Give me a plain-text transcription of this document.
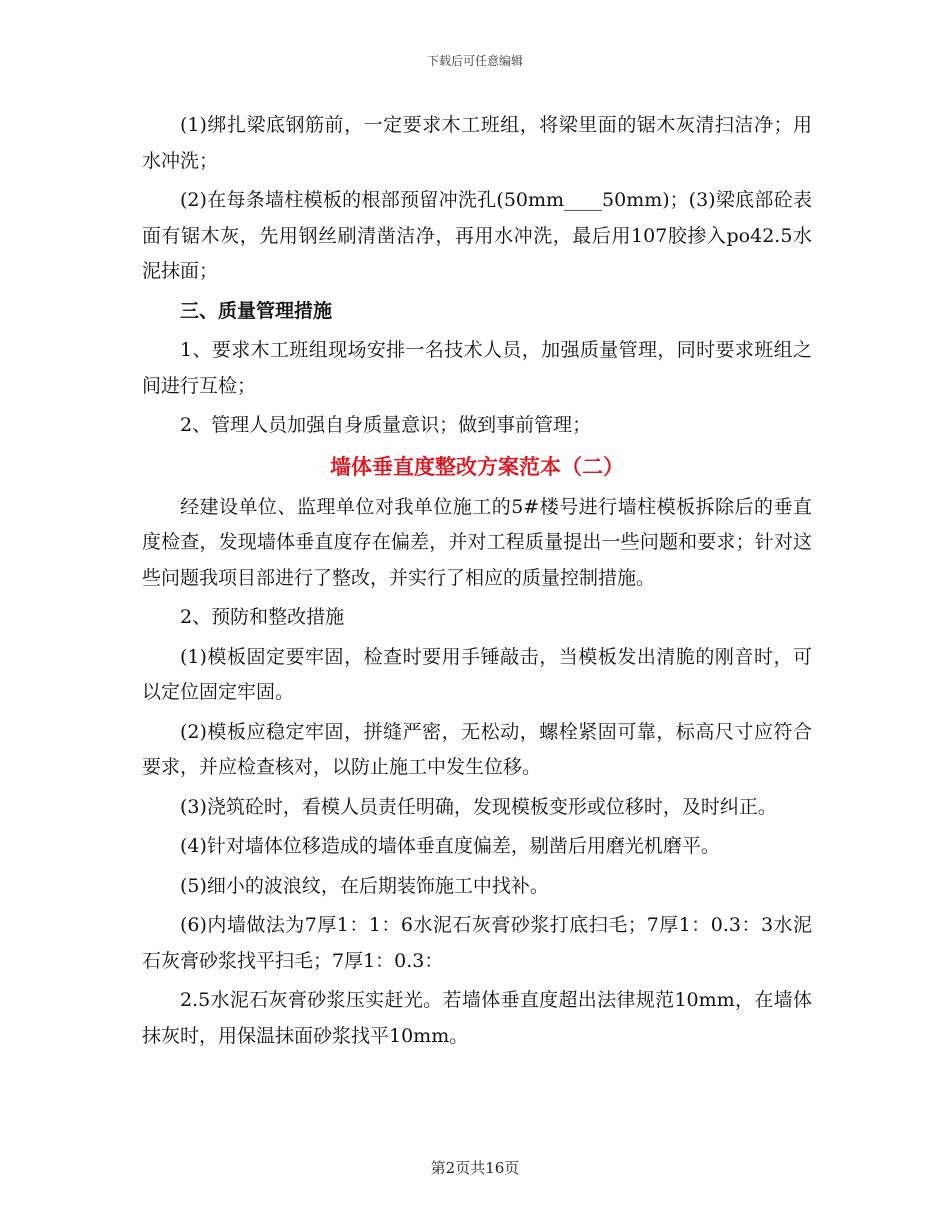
下载后可任意编辑

(1)绑扎梁底钢筋前，一定要求木工班组，将梁里面的锯木灰清扫洁净；用水冲洗；

(2)在每条墙柱模板的根部预留冲洗孔(50mm____50mm)；(3)梁底部砼表面有锯木灰，先用钢丝刷清凿洁净，再用水冲洗，最后用107胶掺入po42.5水泥抹面；

三、质量管理措施

1、要求木工班组现场安排一名技术人员，加强质量管理，同时要求班组之间进行互检；

2、管理人员加强自身质量意识；做到事前管理；

墙体垂直度整改方案范本（二）

经建设单位、监理单位对我单位施工的5#楼号进行墙柱模板拆除后的垂直度检查，发现墙体垂直度存在偏差，并对工程质量提出一些问题和要求；针对这些问题我项目部进行了整改，并实行了相应的质量控制措施。

2、预防和整改措施

(1)模板固定要牢固，检查时要用手锤敲击，当模板发出清脆的刚音时，可以定位固定牢固。

(2)模板应稳定牢固，拼缝严密，无松动，螺栓紧固可靠，标高尺寸应符合要求，并应检查核对，以防止施工中发生位移。

(3)浇筑砼时，看模人员责任明确，发现模板变形或位移时，及时纠正。

(4)针对墙体位移造成的墙体垂直度偏差，剔凿后用磨光机磨平。

(5)细小的波浪纹，在后期装饰施工中找补。

(6)内墙做法为7厚1：1：6水泥石灰膏砂浆打底扫毛；7厚1：0.3：3水泥石灰膏砂浆找平扫毛；7厚1：0.3：

2.5水泥石灰膏砂浆压实赶光。若墙体垂直度超出法律规范10mm，在墙体抹灰时，用保温抹面砂浆找平10mm。

第2页共16页
